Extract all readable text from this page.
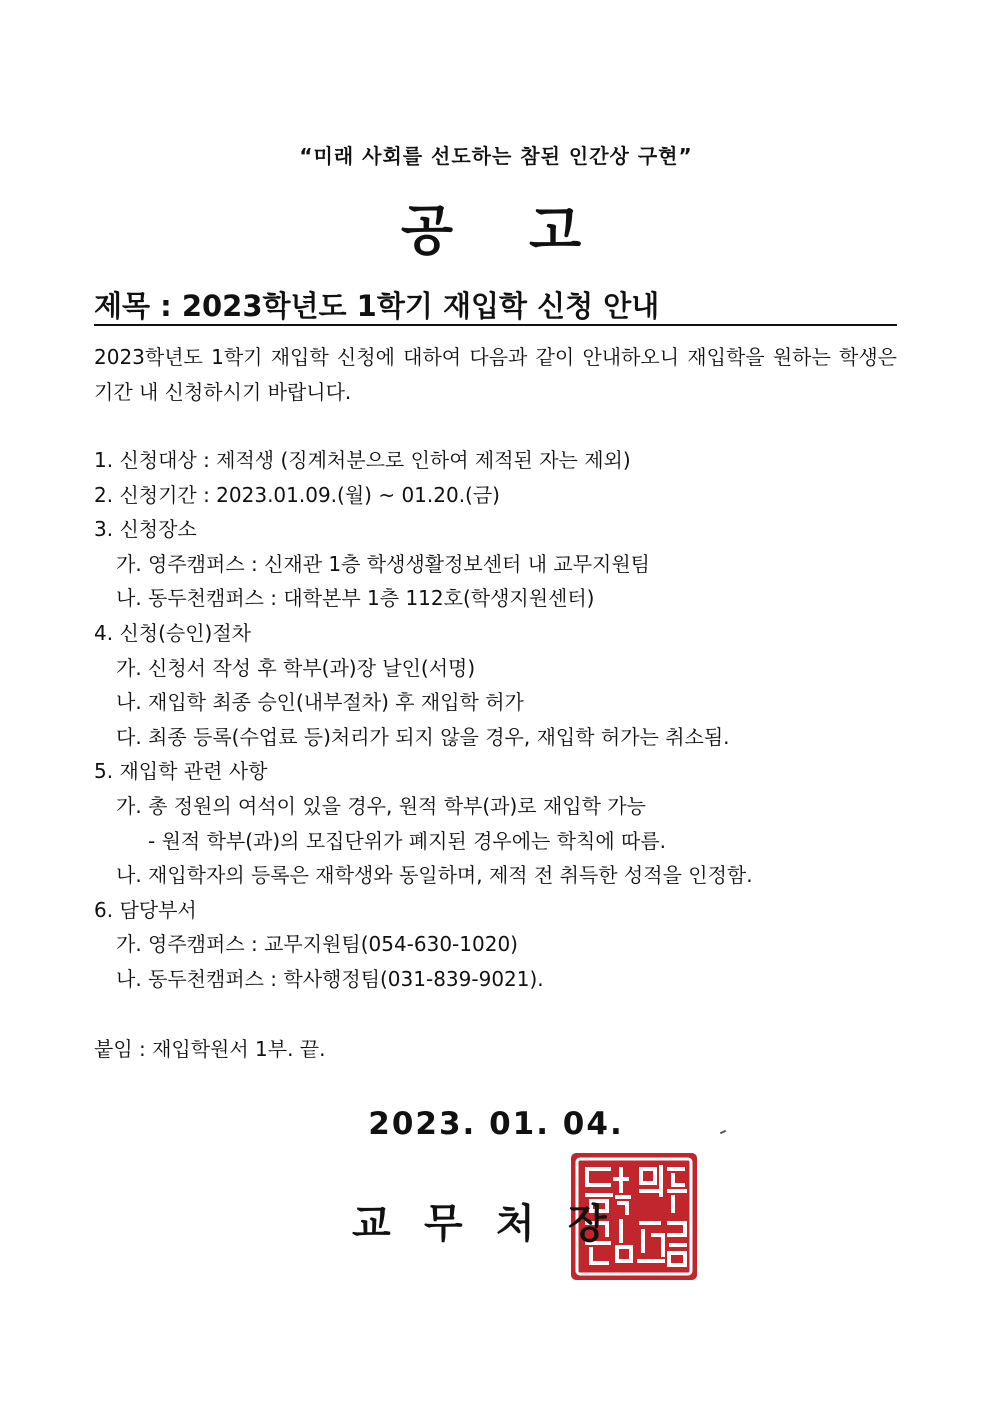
“미래 사회를 선도하는 참된 인간상 구현”
공 고
제목 : 2023학년도 1학기 재입학 신청 안내
2023학년도 1학기 재입학 신청에 대하여 다음과 같이 안내하오니 재입학을 원하는 학생은 기간 내 신청하시기 바랍니다.
1. 신청대상 : 제적생 (징계처분으로 인하여 제적된 자는 제외)
2. 신청기간 : 2023.01.09.(월) ~ 01.20.(금)
3. 신청장소
가. 영주캠퍼스 : 신재관 1층 학생생활정보센터 내 교무지원팀
나. 동두천캠퍼스 : 대학본부 1층 112호(학생지원센터)
4. 신청(승인)절차
가. 신청서 작성 후 학부(과)장 날인(서명)
나. 재입학 최종 승인(내부절차) 후 재입학 허가
다. 최종 등록(수업료 등)처리가 되지 않을 경우, 재입학 허가는 취소됨.
5. 재입학 관련 사항
가. 총 정원의 여석이 있을 경우, 원적 학부(과)로 재입학 가능
- 원적 학부(과)의 모집단위가 폐지된 경우에는 학칙에 따름.
나. 재입학자의 등록은 재학생와 동일하며, 제적 전 취득한 성적을 인정함.
6. 담당부서
가. 영주캠퍼스 : 교무지원팀(054-630-1020)
나. 동두천캠퍼스 : 학사행정팀(031-839-9021).
붙임 : 재입학원서 1부. 끝.
2023. 01. 04.
교 무 처 장
